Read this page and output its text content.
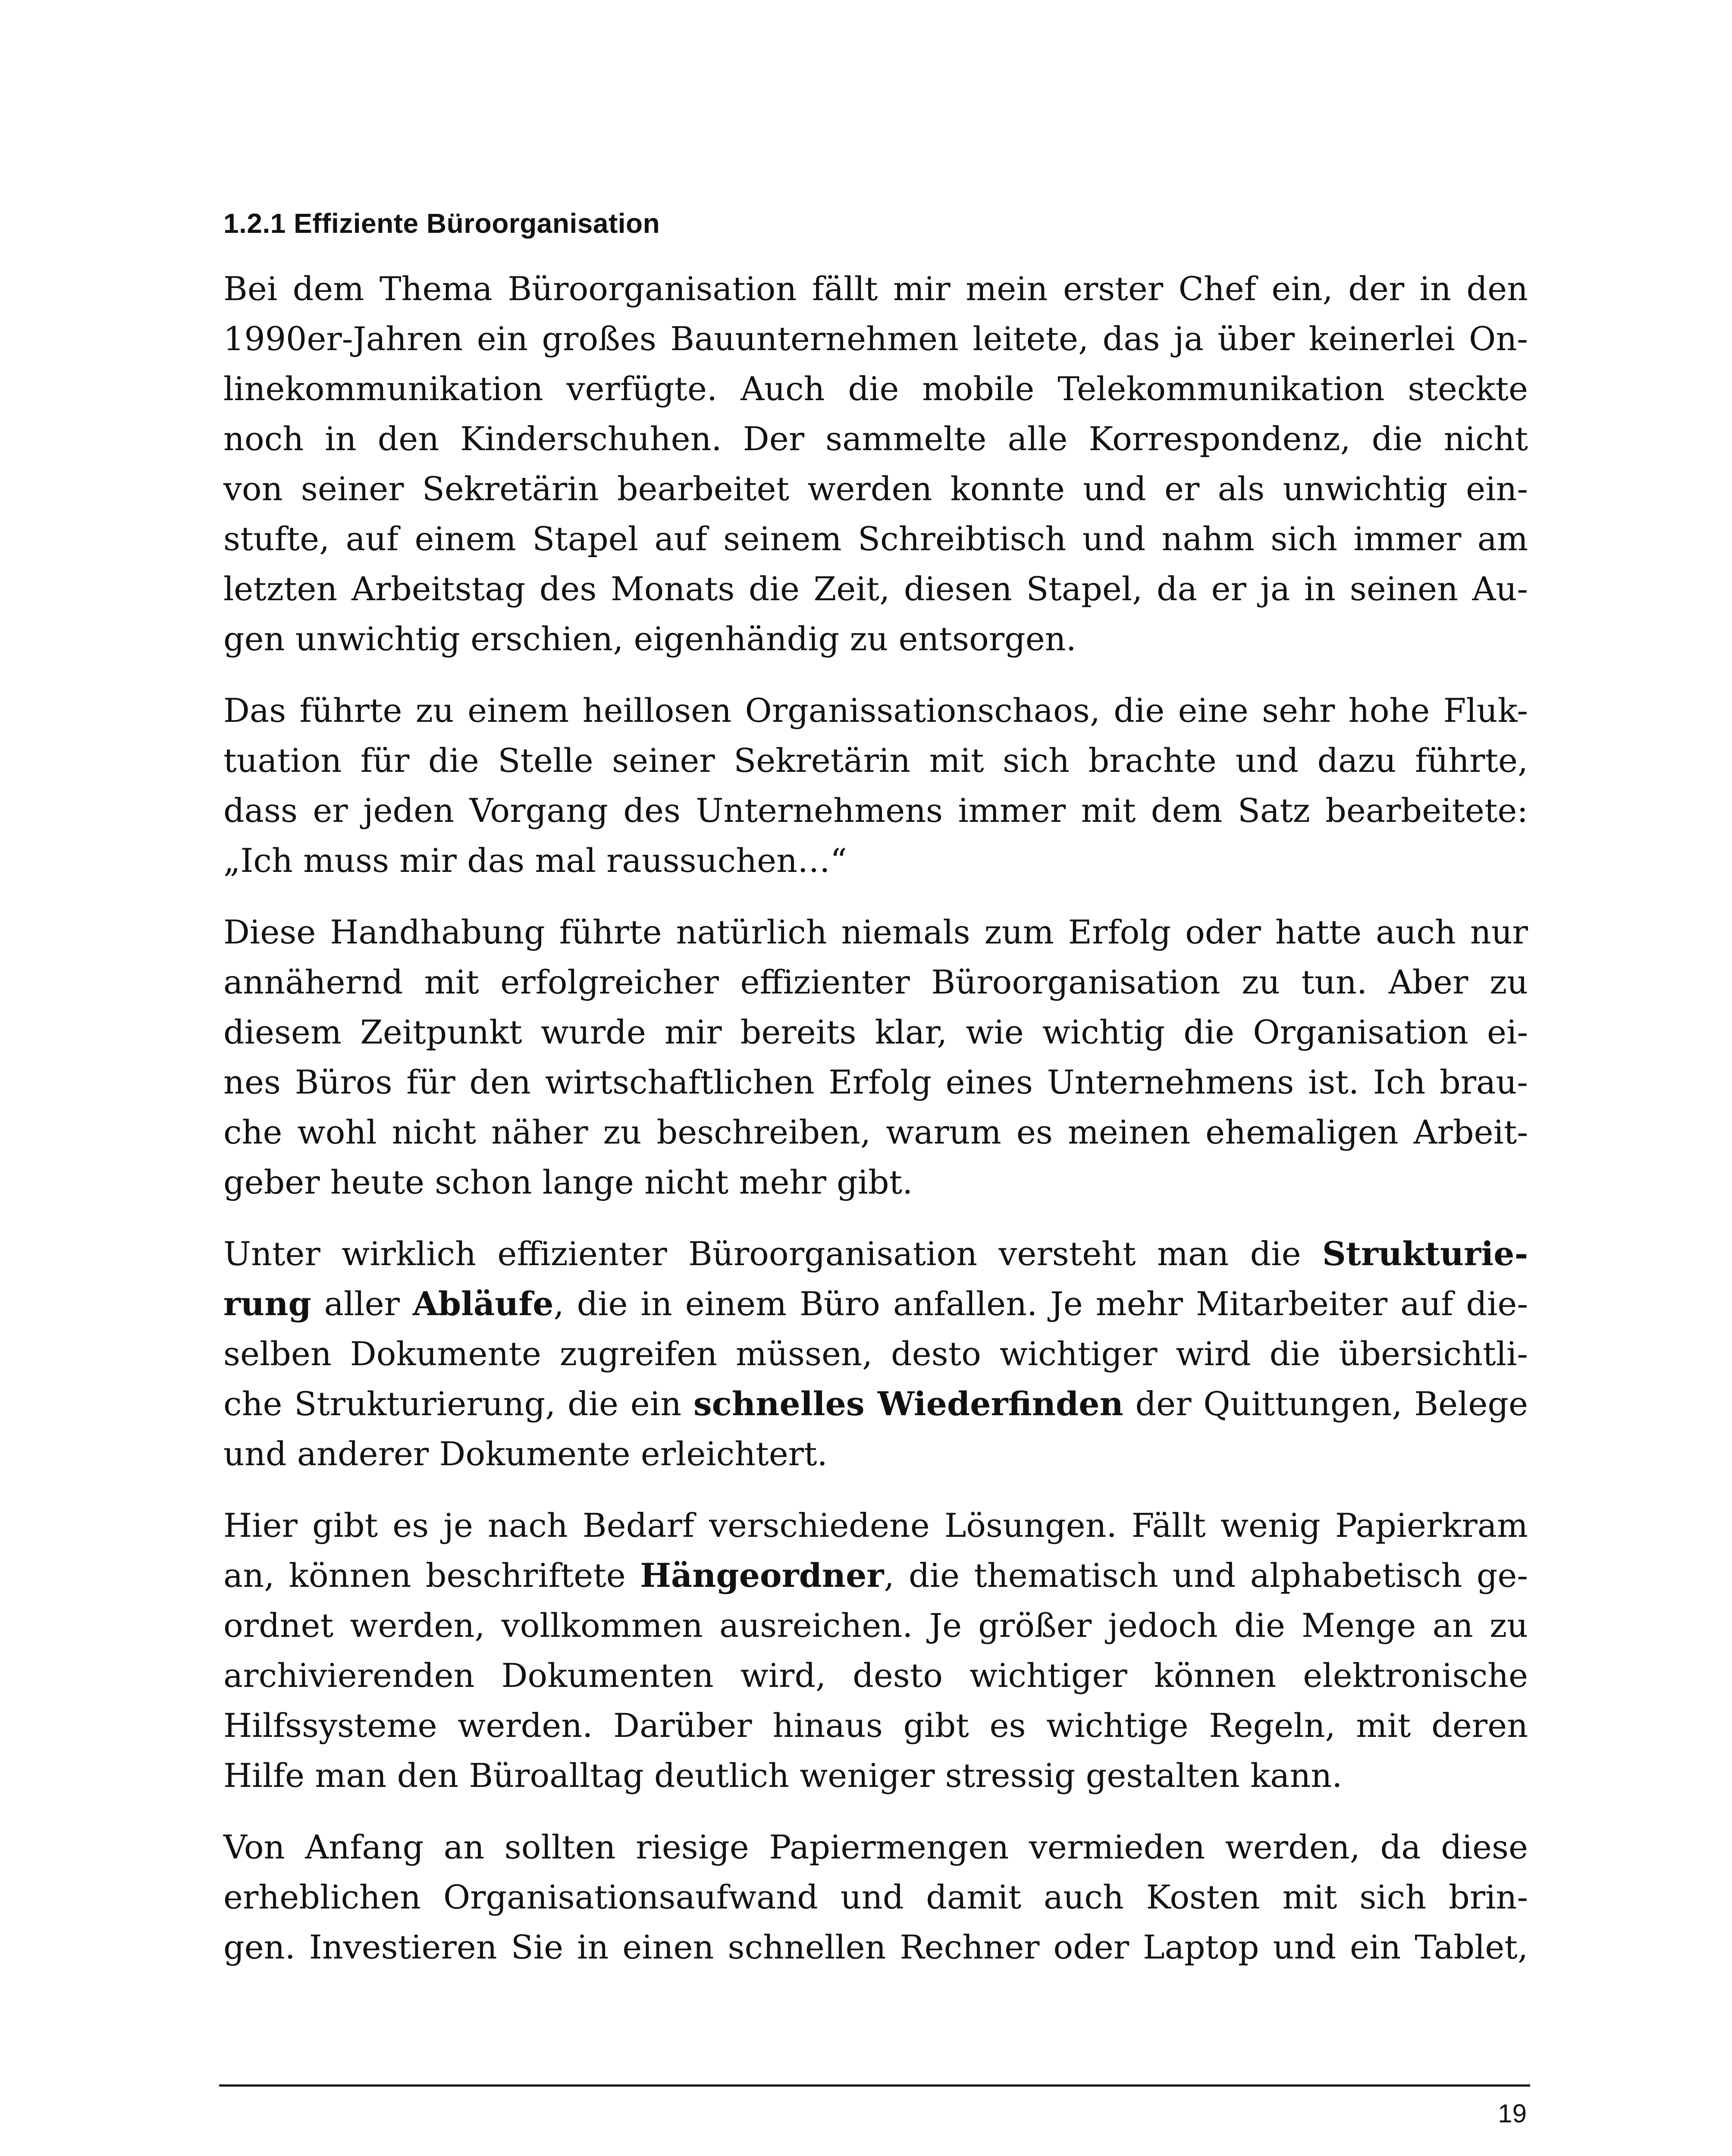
1.2.1 Effiziente Büroorganisation

Bei dem Thema Büroorganisation fällt mir mein erster Chef ein, der in den
1990er-Jahren ein großes Bauunternehmen leitete, das ja über keinerlei On-
linekommunikation verfügte. Auch die mobile Telekommunikation steckte
noch in den Kinderschuhen. Der sammelte alle Korrespondenz, die nicht
von seiner Sekretärin bearbeitet werden konnte und er als unwichtig ein-
stufte, auf einem Stapel auf seinem Schreibtisch und nahm sich immer am
letzten Arbeitstag des Monats die Zeit, diesen Stapel, da er ja in seinen Au-
gen unwichtig erschien, eigenhändig zu entsorgen.

Das führte zu einem heillosen Organissationschaos, die eine sehr hohe Fluk-
tuation für die Stelle seiner Sekretärin mit sich brachte und dazu führte,
dass er jeden Vorgang des Unternehmens immer mit dem Satz bearbeitete:
„Ich muss mir das mal raussuchen…“

Diese Handhabung führte natürlich niemals zum Erfolg oder hatte auch nur
annähernd mit erfolgreicher effizienter Büroorganisation zu tun. Aber zu
diesem Zeitpunkt wurde mir bereits klar, wie wichtig die Organisation ei-
nes Büros für den wirtschaftlichen Erfolg eines Unternehmens ist. Ich brau-
che wohl nicht näher zu beschreiben, warum es meinen ehemaligen Arbeit-
geber heute schon lange nicht mehr gibt.

Unter wirklich effizienter Büroorganisation versteht man die Strukturie-
rung aller Abläufe, die in einem Büro anfallen. Je mehr Mitarbeiter auf die-
selben Dokumente zugreifen müssen, desto wichtiger wird die übersichtli-
che Strukturierung, die ein schnelles Wiederfinden der Quittungen, Belege
und anderer Dokumente erleichtert.

Hier gibt es je nach Bedarf verschiedene Lösungen. Fällt wenig Papierkram
an, können beschriftete Hängeordner, die thematisch und alphabetisch ge-
ordnet werden, vollkommen ausreichen. Je größer jedoch die Menge an zu
archivierenden Dokumenten wird, desto wichtiger können elektronische
Hilfssysteme werden. Darüber hinaus gibt es wichtige Regeln, mit deren
Hilfe man den Büroalltag deutlich weniger stressig gestalten kann.

Von Anfang an sollten riesige Papiermengen vermieden werden, da diese
erheblichen Organisationsaufwand und damit auch Kosten mit sich brin-
gen. Investieren Sie in einen schnellen Rechner oder Laptop und ein Tablet,

19
